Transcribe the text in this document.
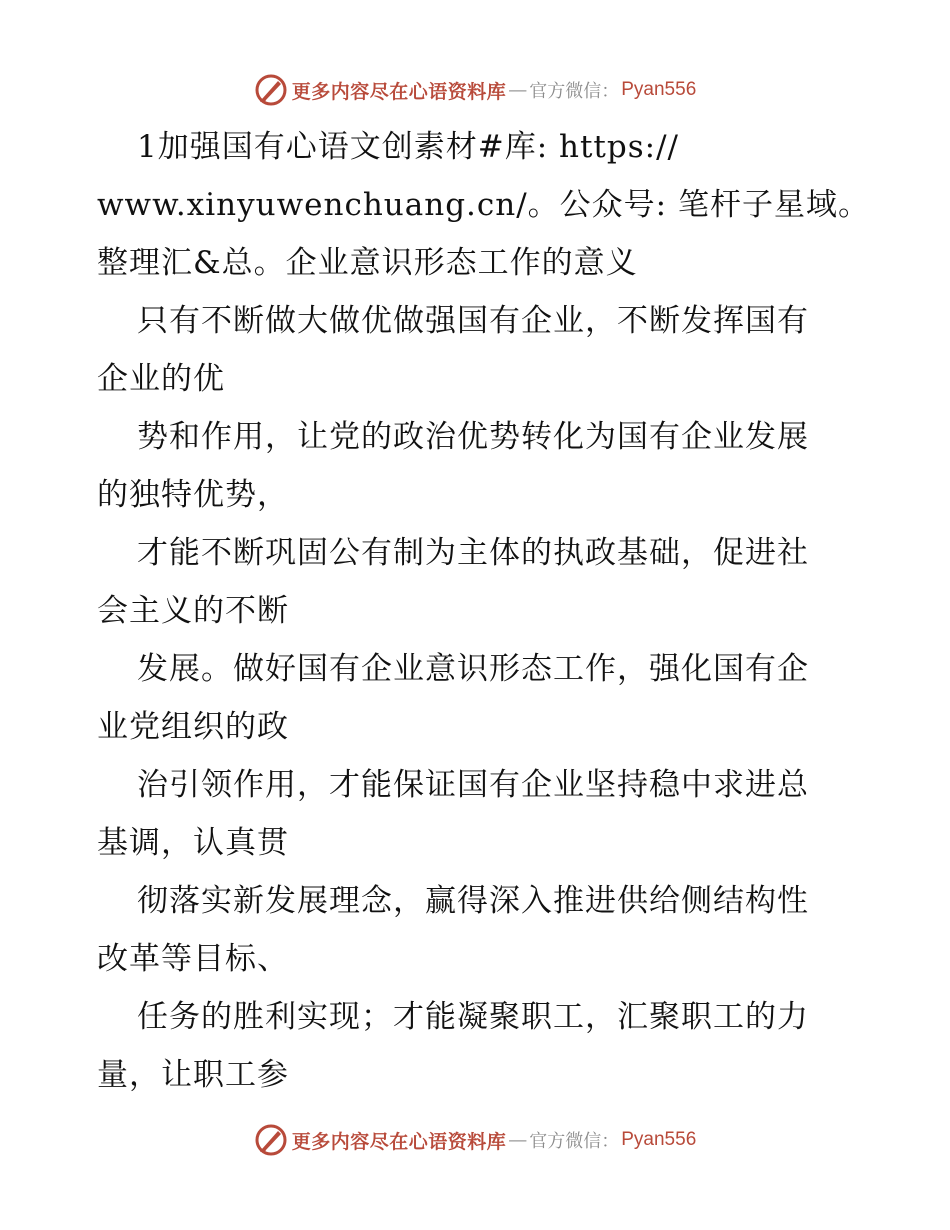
更多内容尽在心语资料库 — 官方微信： Pyan556
1加强国有心语文创素材#库: https://
www.xinyuwenchuang.cn/。公众号: 笔杆子星域。
整理汇&总。企业意识形态工作的意义
只有不断做大做优做强国有企业，不断发挥国有
企业的优
势和作用，让党的政治优势转化为国有企业发展
的独特优势，
才能不断巩固公有制为主体的执政基础，促进社
会主义的不断
发展。做好国有企业意识形态工作，强化国有企
业党组织的政
治引领作用，才能保证国有企业坚持稳中求进总
基调，认真贯
彻落实新发展理念，赢得深入推进供给侧结构性
改革等目标、
任务的胜利实现；才能凝聚职工，汇聚职工的力
量，让职工参
更多内容尽在心语资料库 — 官方微信： Pyan556
